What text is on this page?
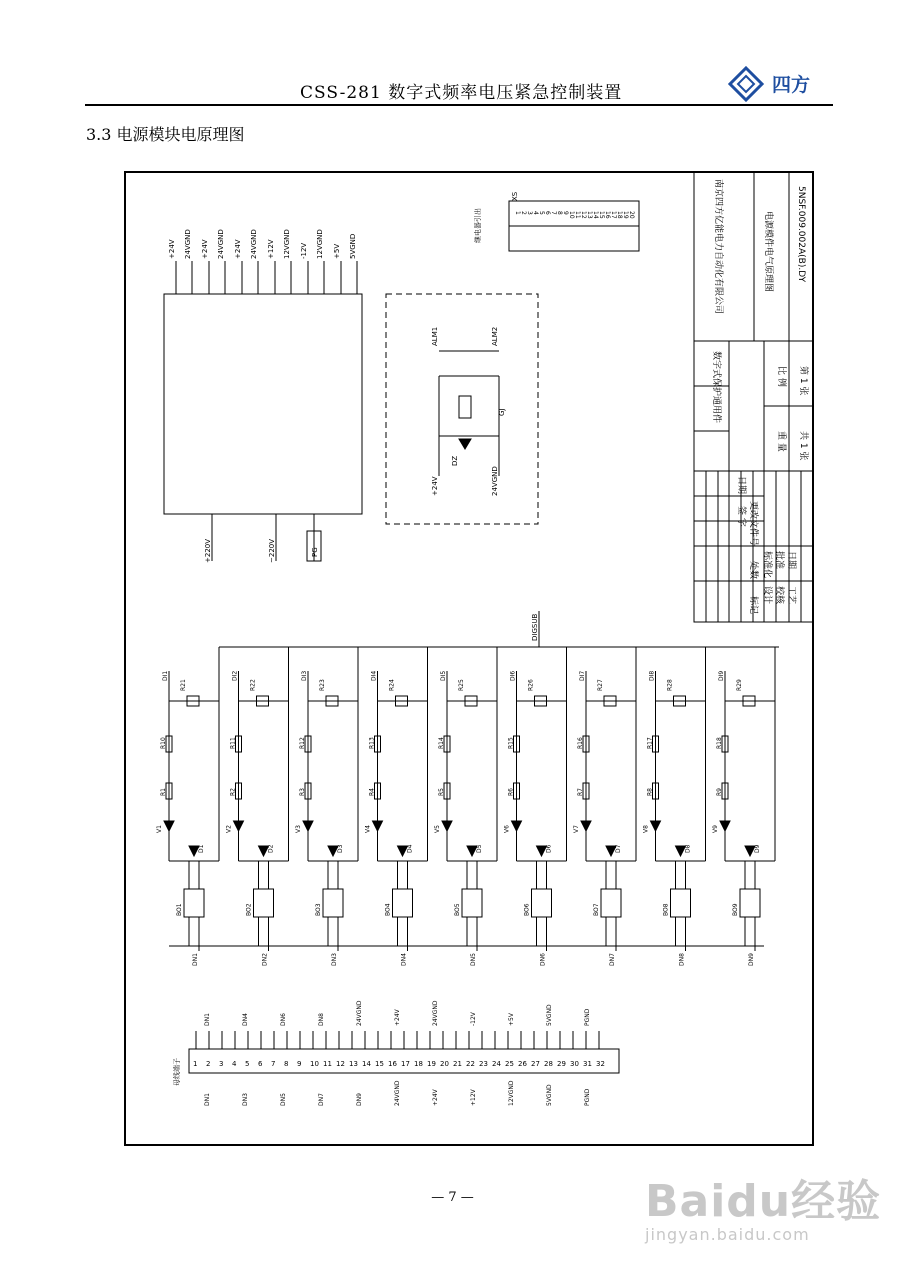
CSS-281 数字式频率电压紧急控制装置	四方
3.3 电源模块电原理图
DI1
R21
R10
R1
V1
D1
BO1
DN1
DI2
R22
R11
R2
V2
D2
BO2
DN2
DI3
R23
R12
R3
V3
D3
BO3
DN3
DI4
R24
R13
R4
V4
D4
BO4
DN4
DI5
R25
R14
R5
V5
D5
BO5
DN5
DI6
R26
R15
R6
V6
D6
BO6
DN6
DI7
R27
R16
R7
V7
D7
BO7
DN7
DI8
R28
R17
R8
V8
D8
BO8
DN8
DI9
R29
R18
R9
V9
D9
BO9
DN9
南京四方亿能电力自动化有限公司	电源模件电气原理图	5NSF.009.002A(B).DY
数字式保护通用件
重 量
比 例
共 1 张
第 1 张
标记
处数
更改文件号
签 字
日期
设计 校核 工艺
标准化 批准 日期
+24V 24VGND +24V 24VGND +24V 24VGND +12V 12VGND -12V 12VGND +5V 5VGND
+220V	~220V	PG
ALM1	ALM2
DZ
+24V	24VGND
GJ
XS
继电器引出
DIGSUB
母线端子
1 2 3 4 5 6 7 8 9 10 11 12 13 14 15 16 17 18 19 20
1 2 3 4 5 6 7 8 9 10 11 12 13 14 15 16 17 18 19 20 21 22 23 24 25 26 27 28 29 30 31 32
DN1	DN4	DN6	DN8	24VGND	+24V	24VGND	-12V	+5V	5VGND	PGND
DN1	DN3	DN5	DN7	DN9	24VGND	+24V	+12V	12VGND	5VGND	PGND
— 7 —	Baidu经验
jingyan.baidu.com
